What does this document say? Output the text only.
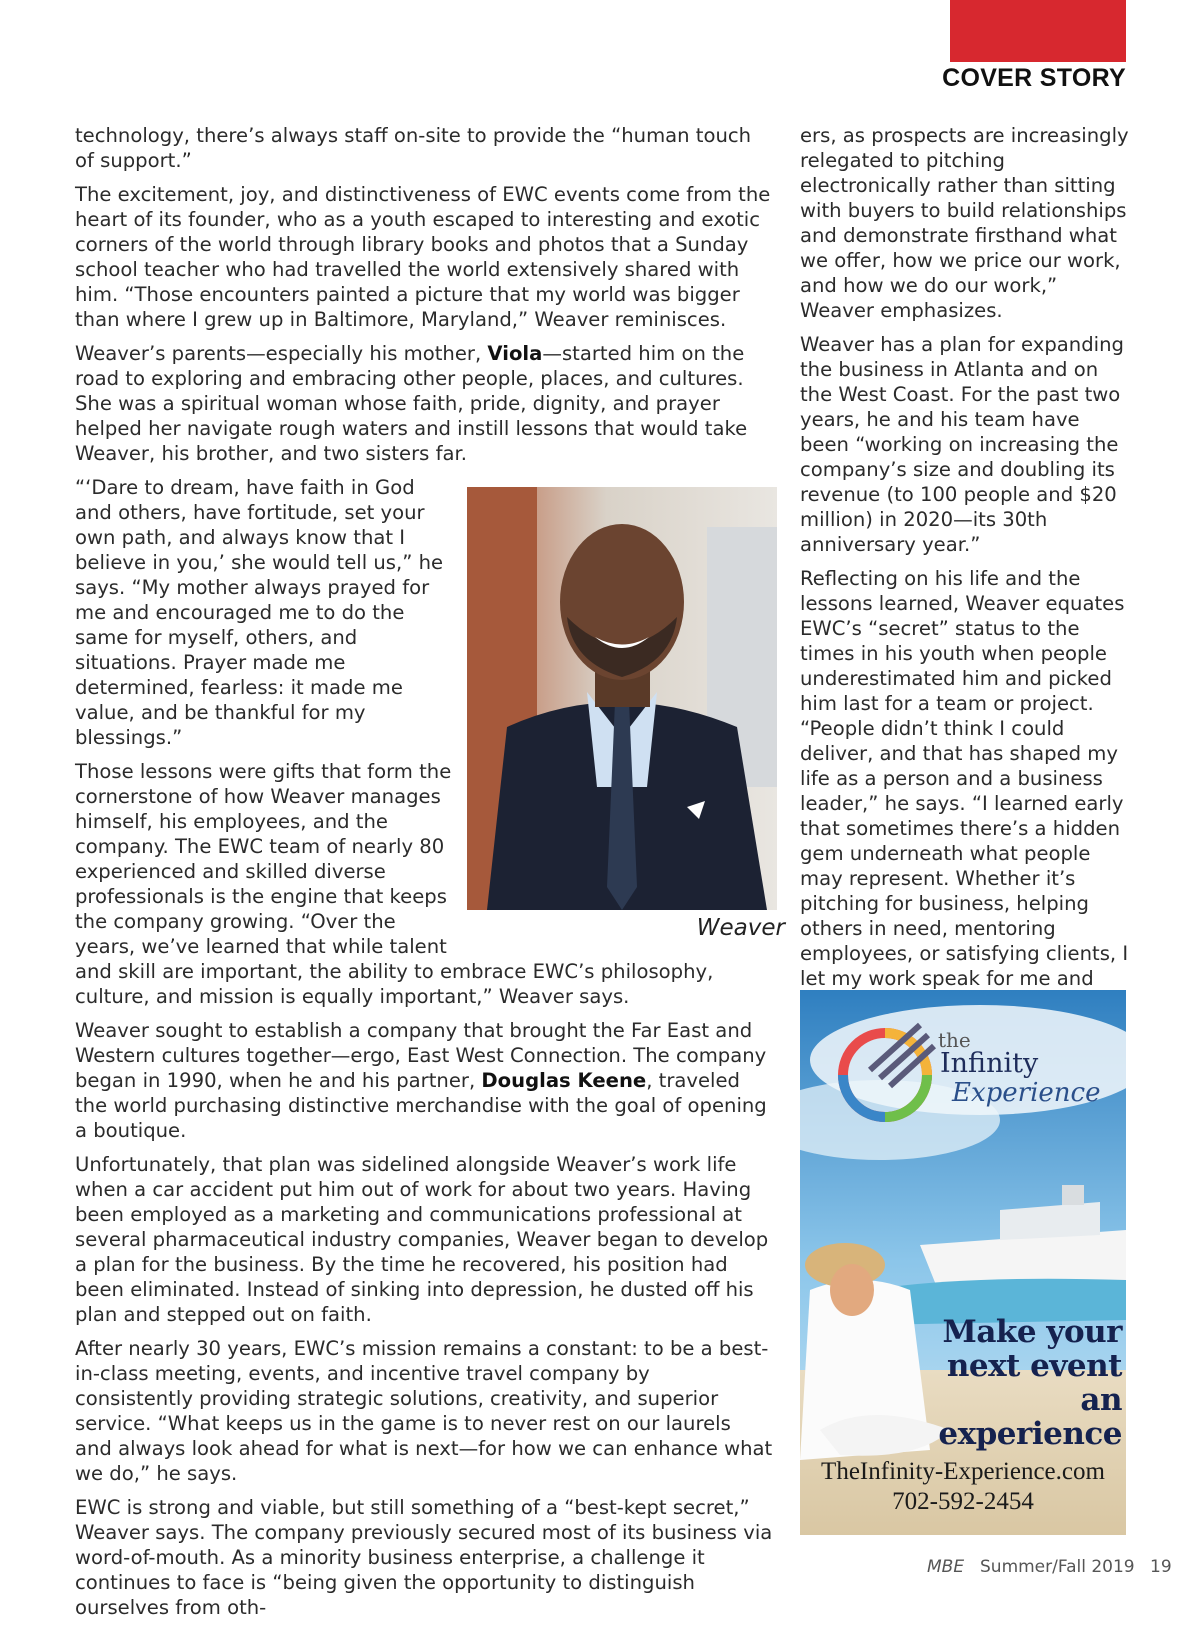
COVER STORY

technology, there’s always staff on-site to provide the “human touch of support.”

The excitement, joy, and distinctiveness of EWC events come from the heart of its founder, who as a youth escaped to interesting and exotic corners of the world through library books and photos that a Sunday school teacher who had travelled the world extensively shared with him. “Those encounters painted a picture that my world was bigger than where I grew up in Baltimore, Maryland,” Weaver reminisces.

Weaver’s parents—especially his mother, Viola—started him on the road to exploring and embracing other people, places, and cultures. She was a spiritual woman whose faith, pride, dignity, and prayer helped her navigate rough waters and instill lessons that would take Weaver, his brother, and two sisters far.

Weaver

“‘Dare to dream, have faith in God and others, have fortitude, set your own path, and always know that I believe in you,’ she would tell us,” he says. “My mother always prayed for me and encouraged me to do the same for myself, others, and situations. Prayer made me determined, fearless: it made me value, and be thankful for my blessings.”

Those lessons were gifts that form the cornerstone of how Weaver manages himself, his employees, and the company. The EWC team of nearly 80 experienced and skilled diverse professionals is the engine that keeps the company growing. “Over the years, we’ve learned that while talent and skill are important, the ability to embrace EWC’s philosophy, culture, and mission is equally important,” Weaver says.

Weaver sought to establish a company that brought the Far East and Western cultures together—ergo, East West Connection. The company began in 1990, when he and his partner, Douglas Keene, traveled the world purchasing distinctive merchandise with the goal of opening a boutique.

Unfortunately, that plan was sidelined alongside Weaver’s work life when a car accident put him out of work for about two years. Having been employed as a marketing and communications professional at several pharmaceutical industry companies, Weaver began to develop a plan for the business. By the time he recovered, his position had been eliminated. Instead of sinking into depression, he dusted off his plan and stepped out on faith.

After nearly 30 years, EWC’s mission remains a constant: to be a best-in-class meeting, events, and incentive travel company by consistently providing strategic solutions, creativity, and superior service. “What keeps us in the game is to never rest on our laurels and always look ahead for what is next—for how we can enhance what we do,” he says.

EWC is strong and viable, but still something of a “best-kept secret,” Weaver says. The company previously secured most of its business via word-of-mouth. As a minority business enterprise, a challenge it continues to face is “being given the opportunity to distinguish ourselves from oth-

ers, as prospects are increasingly relegated to pitching electronically rather than sitting with buyers to build relationships and demonstrate firsthand what we offer, how we price our work, and how we do our work,” Weaver emphasizes.

Weaver has a plan for expanding the business in Atlanta and on the West Coast. For the past two years, he and his team have been “working on increasing the company’s size and doubling its revenue (to 100 people and $20 million) in 2020—its 30th anniversary year.”

Reflecting on his life and the lessons learned, Weaver equates EWC’s “secret” status to the times in his youth when people underestimated him and picked him last for a team or project. “People didn’t think I could deliver, and that has shaped my life as a person and a business leader,” he says. “I learned early that sometimes there’s a hidden gem underneath what people may represent. Whether it’s pitching for business, helping others in need, mentoring employees, or satisfying clients, I let my work speak for me and

the
Infinity
Experience
Make your
next event an
experience
TheInfinity-Experience.com
702-592-2454
MBE Summer/Fall 2019 19
